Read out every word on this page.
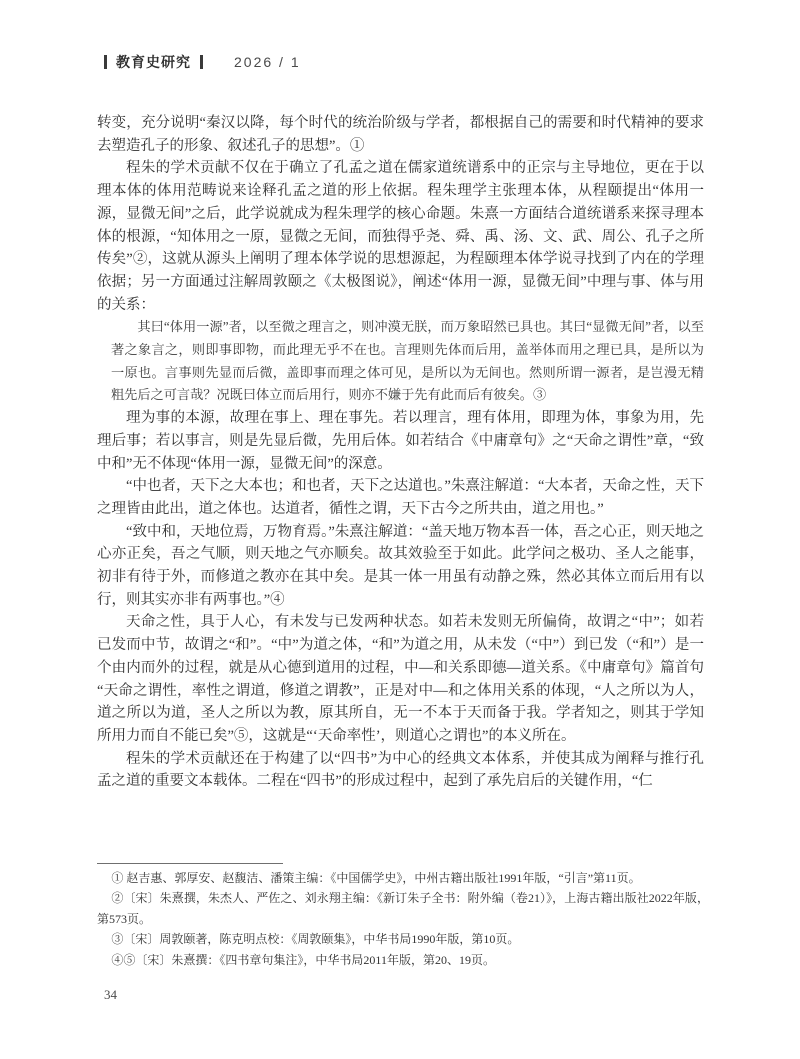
教育史研究	2026 / 1

转变，充分说明“秦汉以降，每个时代的统治阶级与学者，都根据自己的需要和时代精神的要求去塑造孔子的形象、叙述孔子的思想”。①

程朱的学术贡献不仅在于确立了孔孟之道在儒家道统谱系中的正宗与主导地位，更在于以理本体的体用范畴说来诠释孔孟之道的形上依据。程朱理学主张理本体，从程颐提出“体用一源，显微无间”之后，此学说就成为程朱理学的核心命题。朱熹一方面结合道统谱系来探寻理本体的根源，“知体用之一原，显微之无间，而独得乎尧、舜、禹、汤、文、武、周公、孔子之所传矣”②，这就从源头上阐明了理本体学说的思想源起，为程颐理本体学说寻找到了内在的学理依据；另一方面通过注解周敦颐之《太极图说》，阐述“体用一源，显微无间”中理与事、体与用的关系：

其曰“体用一源”者，以至微之理言之，则冲漠无朕，而万象昭然已具也。其曰“显微无间”者，以至著之象言之，则即事即物，而此理无乎不在也。言理则先体而后用，盖举体而用之理已具，是所以为一原也。言事则先显而后微，盖即事而理之体可见，是所以为无间也。然则所谓一源者，是岂漫无精粗先后之可言哉？况既曰体立而后用行，则亦不嫌于先有此而后有彼矣。③

理为事的本源，故理在事上、理在事先。若以理言，理有体用，即理为体，事象为用，先理后事；若以事言，则是先显后微，先用后体。如若结合《中庸章句》之“天命之谓性”章，“致中和”无不体现“体用一源，显微无间”的深意。

“中也者，天下之大本也；和也者，天下之达道也。”朱熹注解道：“大本者，天命之性，天下之理皆由此出，道之体也。达道者，循性之谓，天下古今之所共由，道之用也。”

“致中和，天地位焉，万物育焉。”朱熹注解道：“盖天地万物本吾一体，吾之心正，则天地之心亦正矣，吾之气顺，则天地之气亦顺矣。故其效验至于如此。此学问之极功、圣人之能事，初非有待于外，而修道之教亦在其中矣。是其一体一用虽有动静之殊，然必其体立而后用有以行，则其实亦非有两事也。”④

天命之性，具于人心，有未发与已发两种状态。如若未发则无所偏倚，故谓之“中”；如若已发而中节，故谓之“和”。“中”为道之体，“和”为道之用，从未发（“中”）到已发（“和”）是一个由内而外的过程，就是从心德到道用的过程，中—和关系即德—道关系。《中庸章句》篇首句“天命之谓性，率性之谓道，修道之谓教”，正是对中—和之体用关系的体现，“人之所以为人，道之所以为道，圣人之所以为教，原其所自，无一不本于天而备于我。学者知之，则其于学知所用力而自不能已矣”⑤，这就是“‘天命率性’，则道心之谓也”的本义所在。

程朱的学术贡献还在于构建了以“四书”为中心的经典文本体系，并使其成为阐释与推行孔孟之道的重要文本载体。二程在“四书”的形成过程中，起到了承先启后的关键作用，“仁

① 赵吉惠、郭厚安、赵馥洁、潘策主编：《中国儒学史》，中州古籍出版社1991年版，“引言”第11页。

②〔宋〕朱熹撰，朱杰人、严佐之、刘永翔主编：《新订朱子全书：附外编（卷21）》，上海古籍出版社2022年版，第573页。

③〔宋〕周敦颐著，陈克明点校：《周敦颐集》，中华书局1990年版，第10页。

④⑤〔宋〕朱熹撰：《四书章句集注》，中华书局2011年版，第20、19页。

34
